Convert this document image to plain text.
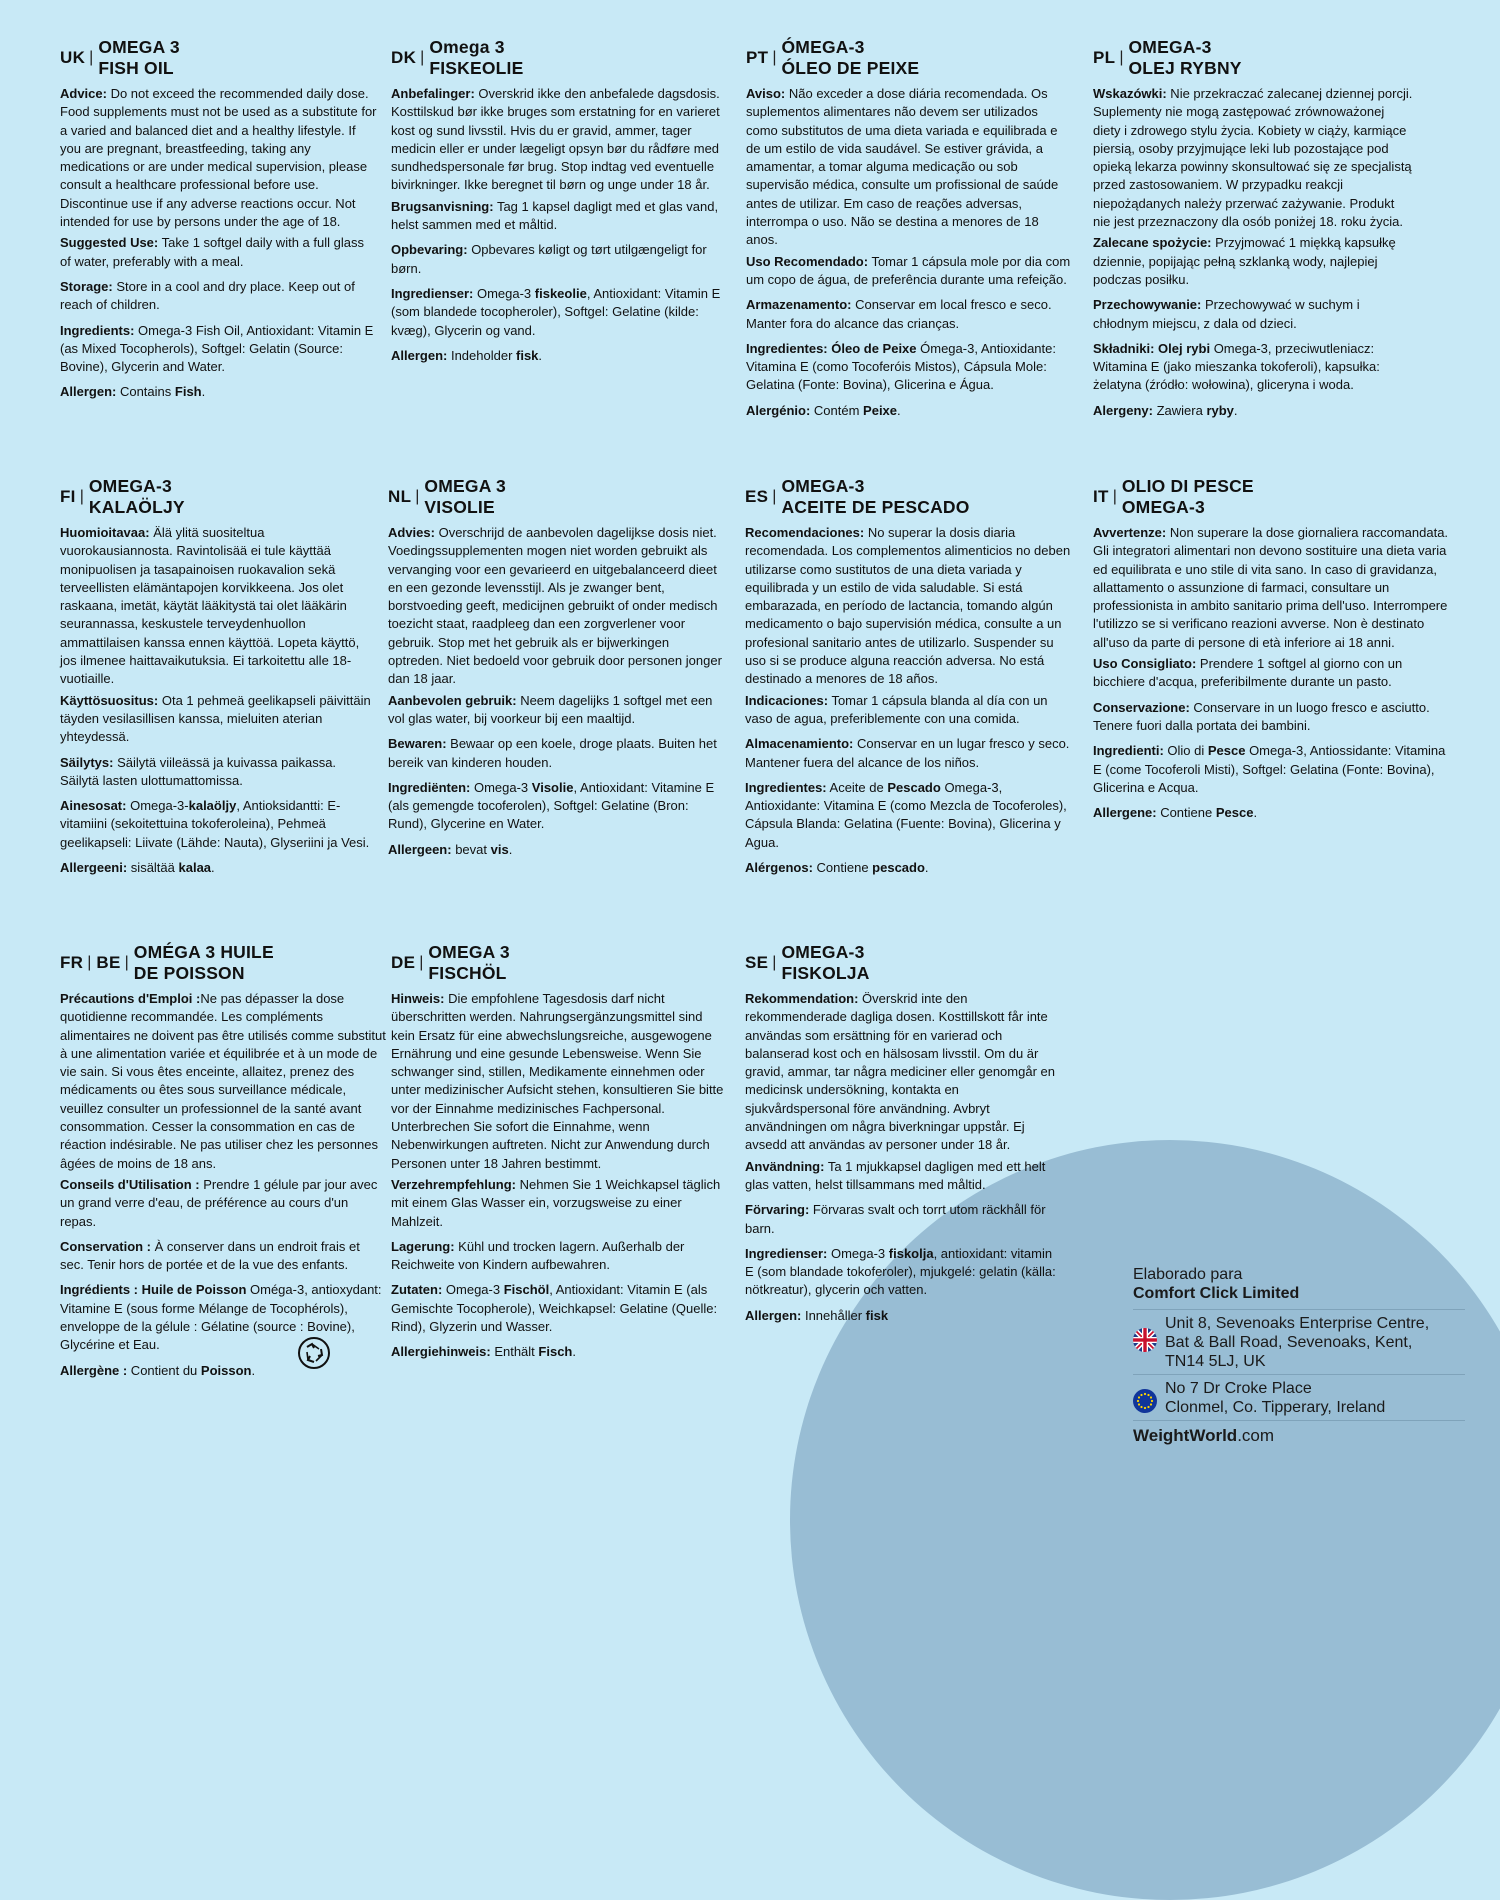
UK |
OMEGA 3
FISH OIL

Advice: Do not exceed the recommended daily dose. Food supplements must not be used as a substitute for a varied and balanced diet and a healthy lifestyle. If you are pregnant, breastfeeding, taking any medications or are under medical supervision, please consult a healthcare professional before use. Discontinue use if any adverse reactions occur. Not intended for use by persons under the age of 18.

Suggested Use: Take 1 softgel daily with a full glass of water, preferably with a meal.

Storage: Store in a cool and dry place. Keep out of reach of children.

Ingredients: Omega-3 Fish Oil, Antioxidant: Vitamin E (as Mixed Tocopherols), Softgel: Gelatin (Source: Bovine), Glycerin and Water.

Allergen: Contains Fish.

DK |
Omega 3
FISKEOLIE

Anbefalinger: Overskrid ikke den anbefalede dagsdosis. Kosttilskud bør ikke bruges som erstatning for en varieret kost og sund livsstil. Hvis du er gravid, ammer, tager medicin eller er under lægeligt opsyn bør du rådføre med sundhedspersonale før brug. Stop indtag ved eventuelle bivirkninger. Ikke beregnet til børn og unge under 18 år.

Brugsanvisning: Tag 1 kapsel dagligt med et glas vand, helst sammen med et måltid.

Opbevaring: Opbevares køligt og tørt utilgængeligt for børn.

Ingredienser: Omega-3 fiskeolie, Antioxidant: Vitamin E (som blandede tocopheroler), Softgel: Gelatine (kilde: kvæg), Glycerin og vand.

Allergen: Indeholder fisk.

PT |
ÓMEGA-3
ÓLEO DE PEIXE

Aviso: Não exceder a dose diária recomendada. Os suplementos alimentares não devem ser utilizados como substitutos de uma dieta variada e equilibrada e de um estilo de vida saudável. Se estiver grávida, a amamentar, a tomar alguma medicação ou sob supervisão médica, consulte um profissional de saúde antes de utilizar. Em caso de reações adversas, interrompa o uso. Não se destina a menores de 18 anos.

Uso Recomendado: Tomar 1 cápsula mole por dia com um copo de água, de preferência durante uma refeição.

Armazenamento: Conservar em local fresco e seco. Manter fora do alcance das crianças.

Ingredientes: Óleo de Peixe Ómega-3, Antioxidante: Vitamina E (como Tocoferóis Mistos), Cápsula Mole: Gelatina (Fonte: Bovina), Glicerina e Água.

Alergénio: Contém Peixe.

PL |
OMEGA-3
OLEJ RYBNY

Wskazówki: Nie przekraczać zalecanej dziennej porcji. Suplementy nie mogą zastępować zrównoważonej diety i zdrowego stylu życia. Kobiety w ciąży, karmiące piersią, osoby przyjmujące leki lub pozostające pod opieką lekarza powinny skonsultować się ze specjalistą przed zastosowaniem. W przypadku reakcji niepożądanych należy przerwać zażywanie. Produkt nie jest przeznaczony dla osób poniżej 18. roku życia.

Zalecane spożycie: Przyjmować 1 miękką kapsułkę dziennie, popijając pełną szklanką wody, najlepiej podczas posiłku.

Przechowywanie: Przechowywać w suchym i chłodnym miejscu, z dala od dzieci.

Składniki: Olej rybi Omega-3, przeciwutleniacz: Witamina E (jako mieszanka tokoferoli), kapsułka: żelatyna (źródło: wołowina), gliceryna i woda.

Alergeny: Zawiera ryby.

FI |
OMEGA-3
KALAÖLJY

Huomioitavaa: Älä ylitä suositeltua vuorokausiannosta. Ravintolisää ei tule käyttää monipuolisen ja tasapainoisen ruokavalion sekä terveellisten elämäntapojen korvikkeena. Jos olet raskaana, imetät, käytät lääkitystä tai olet lääkärin seurannassa, keskustele terveydenhuollon ammattilaisen kanssa ennen käyttöä. Lopeta käyttö, jos ilmenee haittavaikutuksia. Ei tarkoitettu alle 18-vuotiaille.

Käyttösuositus: Ota 1 pehmeä geelikapseli päivittäin täyden vesilasillisen kanssa, mieluiten aterian yhteydessä.

Säilytys: Säilytä viileässä ja kuivassa paikassa. Säilytä lasten ulottumattomissa.

Ainesosat: Omega-3-kalaöljy, Antioksidantti: E-vitamiini (sekoitettuina tokoferoleina), Pehmeä geelikapseli: Liivate (Lähde: Nauta), Glyseriini ja Vesi.

Allergeeni: sisältää kalaa.

NL |
OMEGA 3
VISOLIE

Advies: Overschrijd de aanbevolen dagelijkse dosis niet. Voedingssupplementen mogen niet worden gebruikt als vervanging voor een gevarieerd en uitgebalanceerd dieet en een gezonde levensstijl. Als je zwanger bent, borstvoeding geeft, medicijnen gebruikt of onder medisch toezicht staat, raadpleeg dan een zorgverlener voor gebruik. Stop met het gebruik als er bijwerkingen optreden. Niet bedoeld voor gebruik door personen jonger dan 18 jaar.

Aanbevolen gebruik: Neem dagelijks 1 softgel met een vol glas water, bij voorkeur bij een maaltijd.

Bewaren: Bewaar op een koele, droge plaats. Buiten het bereik van kinderen houden.

Ingrediënten: Omega-3 Visolie, Antioxidant: Vitamine E (als gemengde tocoferolen), Softgel: Gelatine (Bron: Rund), Glycerine en Water.

Allergeen: bevat vis.

ES |
OMEGA-3
ACEITE DE PESCADO

Recomendaciones: No superar la dosis diaria recomendada. Los complementos alimenticios no deben utilizarse como sustitutos de una dieta variada y equilibrada y un estilo de vida saludable. Si está embarazada, en período de lactancia, tomando algún medicamento o bajo supervisión médica, consulte a un profesional sanitario antes de utilizarlo. Suspender su uso si se produce alguna reacción adversa. No está destinado a menores de 18 años.

Indicaciones: Tomar 1 cápsula blanda al día con un vaso de agua, preferiblemente con una comida.

Almacenamiento: Conservar en un lugar fresco y seco. Mantener fuera del alcance de los niños.

Ingredientes: Aceite de Pescado Omega-3, Antioxidante: Vitamina E (como Mezcla de Tocoferoles), Cápsula Blanda: Gelatina (Fuente: Bovina), Glicerina y Agua.

Alérgenos: Contiene pescado.

IT |
OLIO DI PESCE
OMEGA-3

Avvertenze: Non superare la dose giornaliera raccomandata. Gli integratori alimentari non devono sostituire una dieta varia ed equilibrata e uno stile di vita sano. In caso di gravidanza, allattamento o assunzione di farmaci, consultare un professionista in ambito sanitario prima dell'uso. Interrompere l'utilizzo se si verificano reazioni avverse. Non è destinato all'uso da parte di persone di età inferiore ai 18 anni.

Uso Consigliato: Prendere 1 softgel al giorno con un bicchiere d'acqua, preferibilmente durante un pasto.

Conservazione: Conservare in un luogo fresco e asciutto. Tenere fuori dalla portata dei bambini.

Ingredienti: Olio di Pesce Omega-3, Antiossidante: Vitamina E (come Tocoferoli Misti), Softgel: Gelatina (Fonte: Bovina), Glicerina e Acqua.

Allergene: Contiene Pesce.

FR | BE |
OMÉGA 3 HUILE
DE POISSON

Précautions d'Emploi :Ne pas dépasser la dose quotidienne recommandée. Les compléments alimentaires ne doivent pas être utilisés comme substitut à une alimentation variée et équilibrée et à un mode de vie sain. Si vous êtes enceinte, allaitez, prenez des médicaments ou êtes sous surveillance médicale, veuillez consulter un professionnel de la santé avant consommation. Cesser la consommation en cas de réaction indésirable. Ne pas utiliser chez les personnes âgées de moins de 18 ans.

Conseils d'Utilisation : Prendre 1 gélule par jour avec un grand verre d'eau, de préférence au cours d'un repas.

Conservation : À conserver dans un endroit frais et sec. Tenir hors de portée et de la vue des enfants.

Ingrédients : Huile de Poisson Oméga-3, antioxydant: Vitamine E (sous forme Mélange de Tocophérols), enveloppe de la gélule : Gélatine (source : Bovine), Glycérine et Eau.

Allergène : Contient du Poisson.

DE |
OMEGA 3
FISCHÖL

Hinweis: Die empfohlene Tagesdosis darf nicht überschritten werden. Nahrungsergänzungsmittel sind kein Ersatz für eine abwechslungsreiche, ausgewogene Ernährung und eine gesunde Lebensweise. Wenn Sie schwanger sind, stillen, Medikamente einnehmen oder unter medizinischer Aufsicht stehen, konsultieren Sie bitte vor der Einnahme medizinisches Fachpersonal. Unterbrechen Sie sofort die Einnahme, wenn Nebenwirkungen auftreten. Nicht zur Anwendung durch Personen unter 18 Jahren bestimmt.

Verzehrempfehlung: Nehmen Sie 1 Weichkapsel täglich mit einem Glas Wasser ein, vorzugsweise zu einer Mahlzeit.

Lagerung: Kühl und trocken lagern. Außerhalb der Reichweite von Kindern aufbewahren.

Zutaten: Omega-3 Fischöl, Antioxidant: Vitamin E (als Gemischte Tocopherole), Weichkapsel: Gelatine (Quelle: Rind), Glyzerin und Wasser.

Allergiehinweis: Enthält Fisch.

SE |
OMEGA-3
FISKOLJA

Rekommendation: Överskrid inte den rekommenderade dagliga dosen. Kosttillskott får inte användas som ersättning för en varierad och balanserad kost och en hälsosam livsstil. Om du är gravid, ammar, tar några mediciner eller genomgår en medicinsk undersökning, kontakta en sjukvårdspersonal före användning. Avbryt användningen om några biverkningar uppstår. Ej avsedd att användas av personer under 18 år.

Användning: Ta 1 mjukkapsel dagligen med ett helt glas vatten, helst tillsammans med måltid.

Förvaring: Förvaras svalt och torrt utom räckhåll för barn.

Ingredienser: Omega-3 fiskolja, antioxidant: vitamin E (som blandade tokoferoler), mjukgelé: gelatin (källa: nötkreatur), glycerin och vatten.

Allergen: Innehåller fisk

Elaborado para

Comfort Click Limited

Unit 8, Sevenoaks Enterprise Centre,
Bat & Ball Road, Sevenoaks, Kent,
TN14 5LJ, UK
No 7 Dr Croke Place
Clonmel, Co. Tipperary, Ireland
WeightWorld.com
